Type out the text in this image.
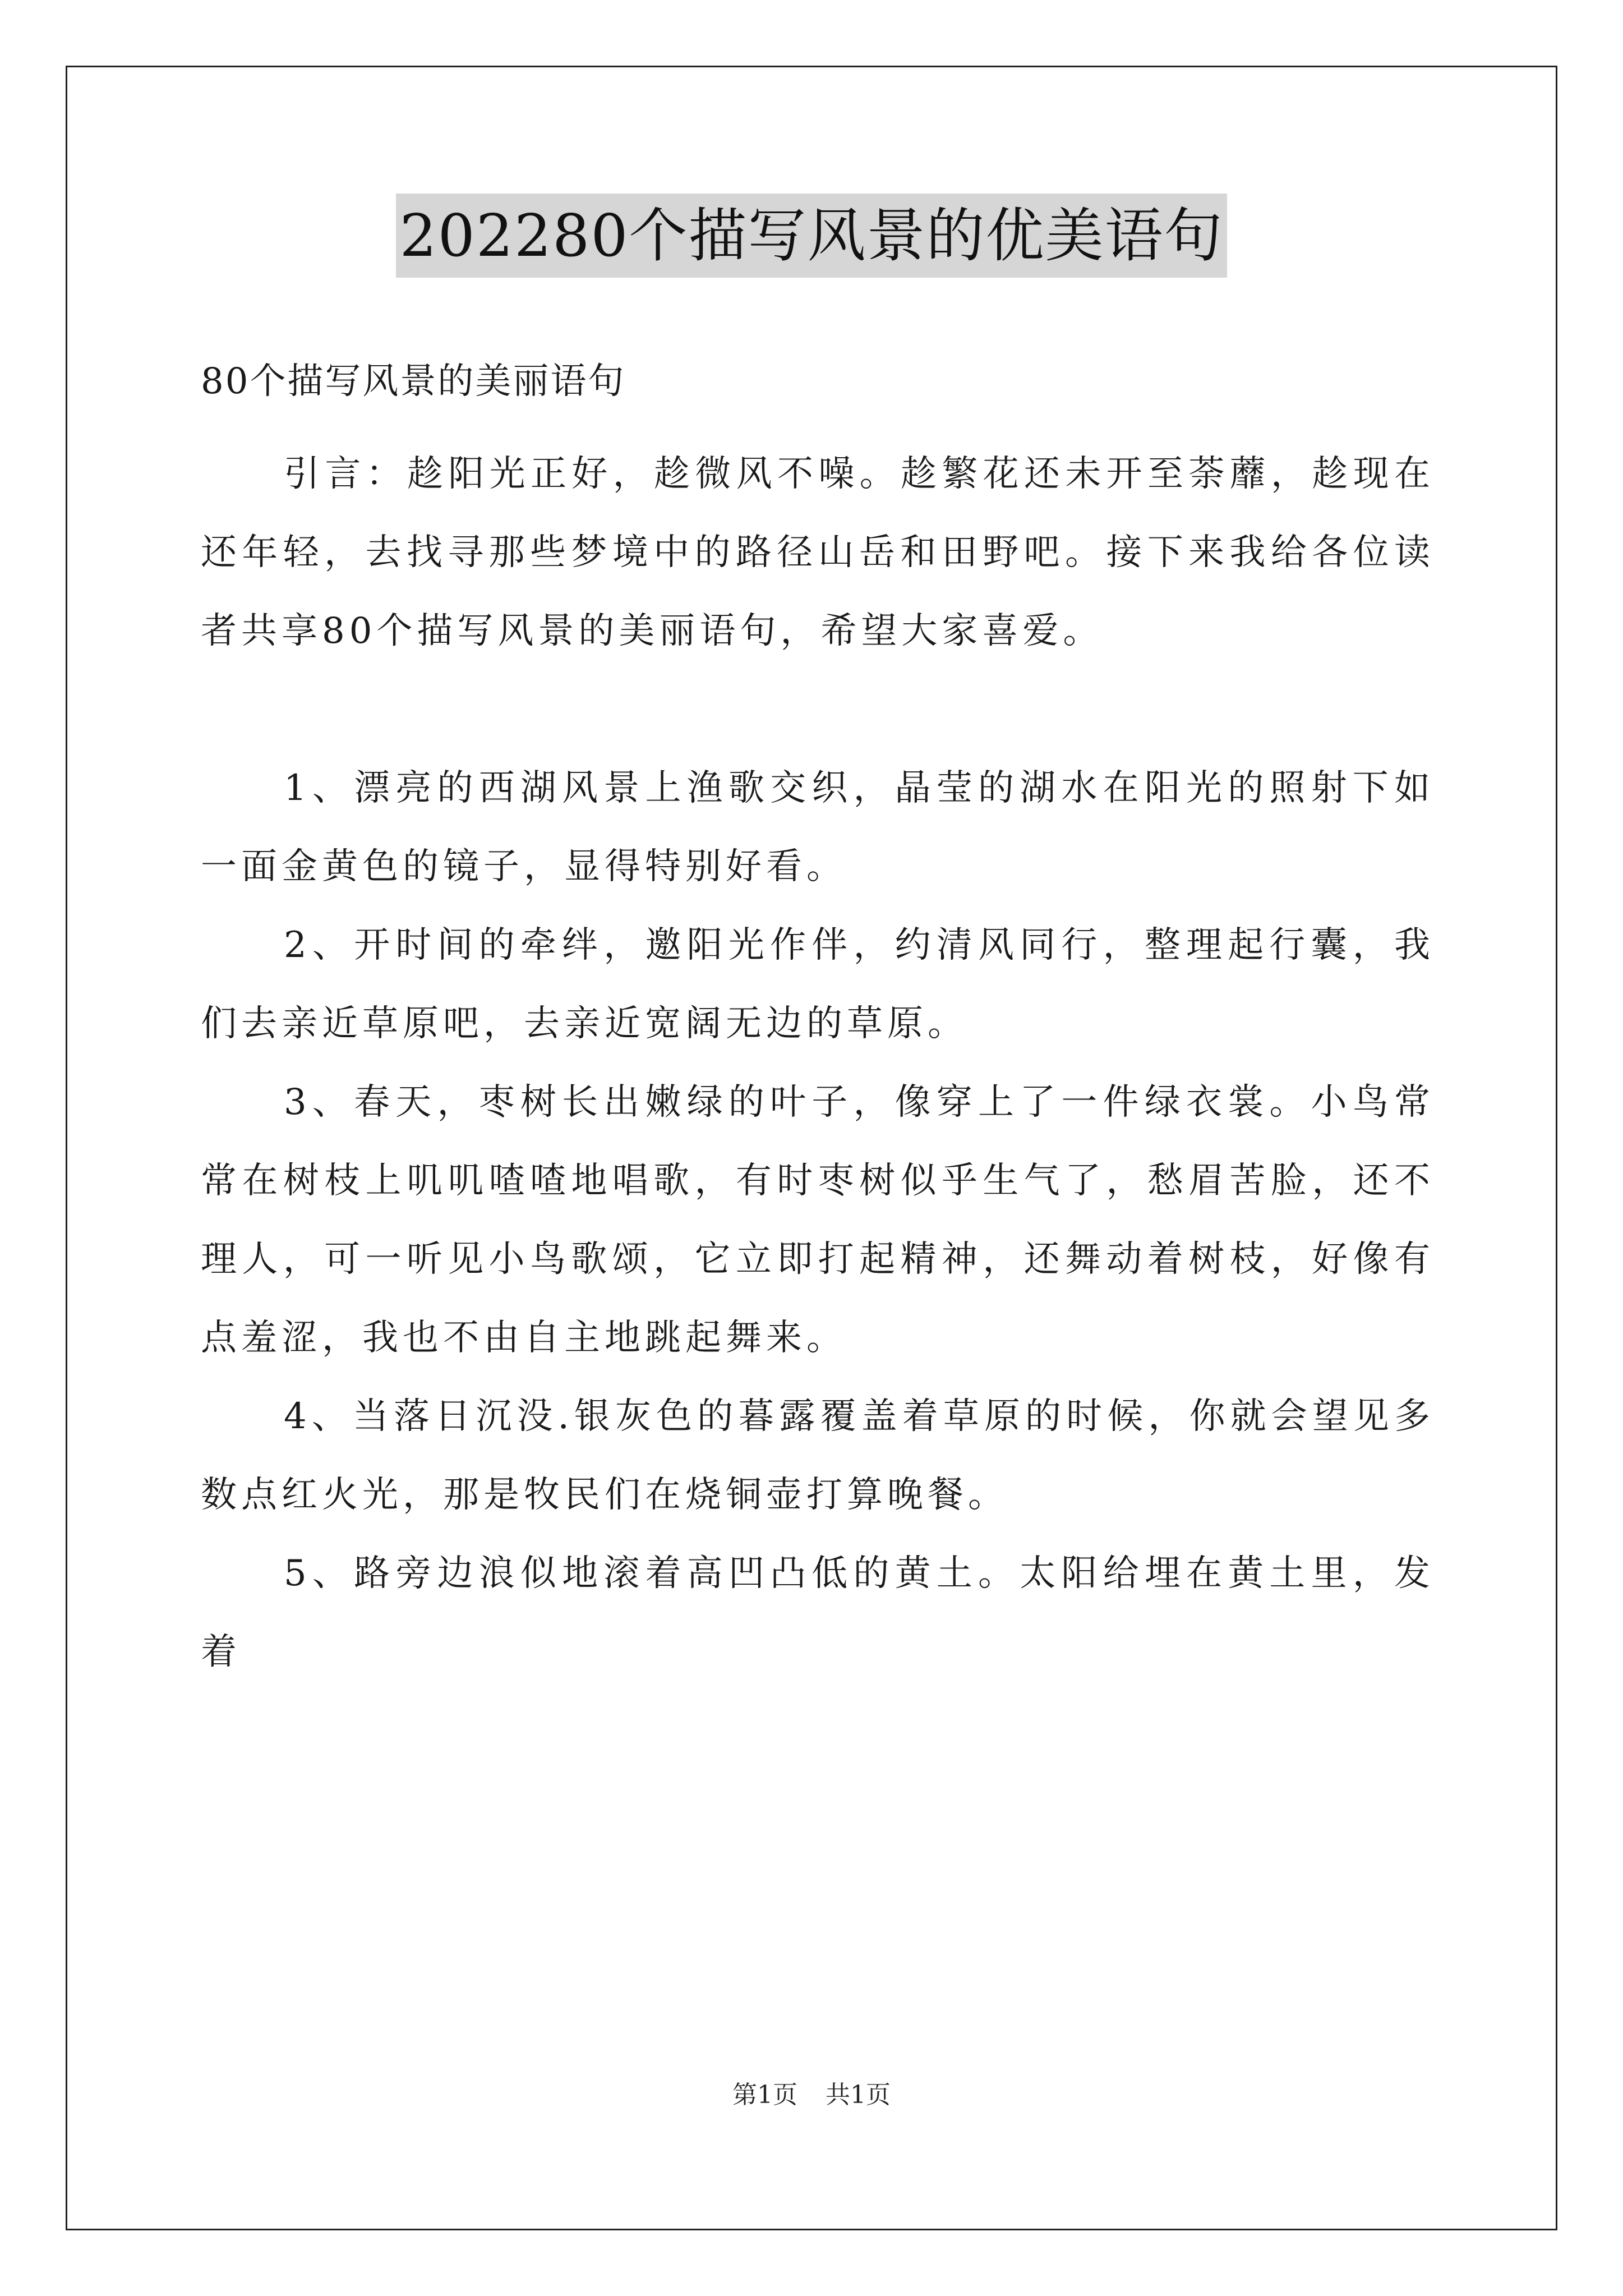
202280个描写风景的优美语句

80个描写风景的美丽语句

引言：趁阳光正好，趁微风不噪。趁繁花还未开至荼蘼，趁现在还年轻，去找寻那些梦境中的路径山岳和田野吧。接下来我给各位读者共享80个描写风景的美丽语句，希望大家喜爱。

1、漂亮的西湖风景上渔歌交织，晶莹的湖水在阳光的照射下如一面金黄色的镜子，显得特别好看。

2、开时间的牵绊，邀阳光作伴，约清风同行，整理起行囊，我们去亲近草原吧，去亲近宽阔无边的草原。

3、春天，枣树长出嫩绿的叶子，像穿上了一件绿衣裳。小鸟常常在树枝上叽叽喳喳地唱歌，有时枣树似乎生气了，愁眉苦脸，还不理人，可一听见小鸟歌颂，它立即打起精神，还舞动着树枝，好像有点羞涩，我也不由自主地跳起舞来。

4、当落日沉没.银灰色的暮露覆盖着草原的时候，你就会望见多数点红火光，那是牧民们在烧铜壶打算晚餐。

5、路旁边浪似地滚着高凹凸低的黄土。太阳给埋在黄土里，发着

第1页 共1页
